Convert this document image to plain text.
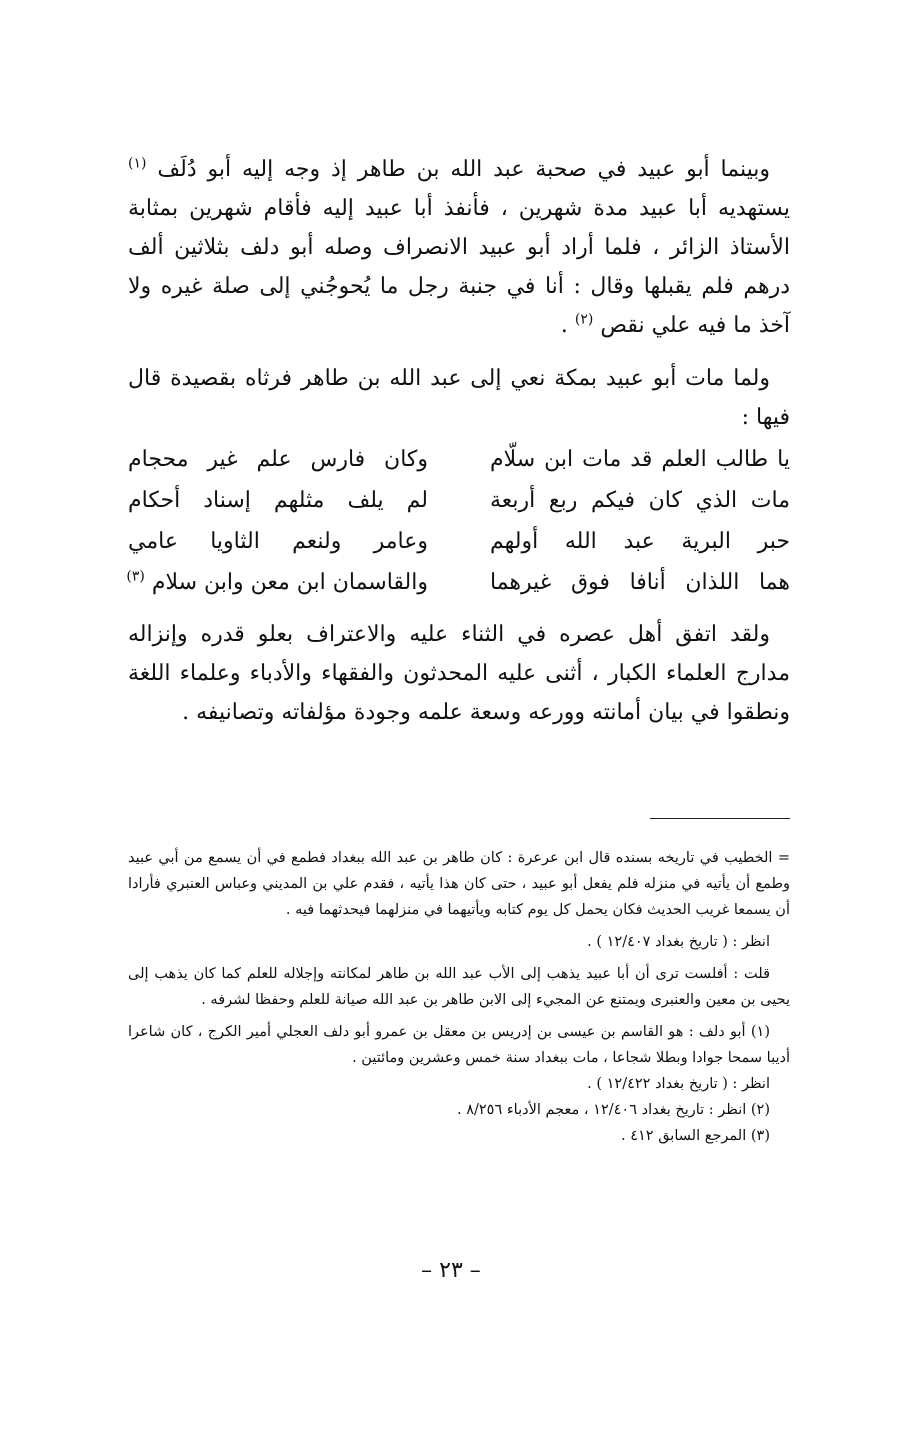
وبينما أبو عبيد في صحبة عبد الله بن طاهر إذ وجه إليه أبو دُلَف $^{(١)}$ يستهديه أبا عبيد مدة شهرين ، فأنفذ أبا عبيد إليه فأقام شهرين بمثابة الأستاذ الزائر ، فلما أراد أبو عبيد الانصراف وصله أبو دلف بثلاثين ألف درهم فلم يقبلها وقال : أنا في جنبة رجل ما يُحوجُني إلى صلة غيره ولا آخذ ما فيه علي نقص $^{(٢)}$ .

ولما مات أبو عبيد بمكة نعي إلى عبد الله بن طاهر فرثاه بقصيدة قال فيها :

يا طالب العلم قد مات ابن سلّام
وكان فارس علم غير محجام
مات الذي كان فيكم ربع أربعة
لم يلف مثلهم إسناد أحكام
حبر البرية عبد الله أولهم
وعامر ولنعم الثاويا عامي
هما اللذان أنافا فوق غيرهما
والقاسمان ابن معن وابن سلام $^{(٣)}$

ولقد اتفق أهل عصره في الثناء عليه والاعتراف بعلو قدره وإنزاله مدارج العلماء الكبار ، أثنى عليه المحدثون والفقهاء والأدباء وعلماء اللغة ونطقوا في بيان أمانته وورعه وسعة علمه وجودة مؤلفاته وتصانيفه .

= الخطيب في تاريخه بسنده قال ابن عرعرة : كان طاهر بن عبد الله ببغداد فطمع في أن يسمع من أبي عبيد وطمع أن يأتيه في منزله فلم يفعل أبو عبيد ، حتى كان هذا يأتيه ، فقدم علي بن المديني وعباس العنبري فأرادا أن يسمعا غريب الحديث فكان يحمل كل يوم كتابه ويأتيهما في منزلهما فيحدثهما فيه .

انظر : ( تاريخ بغداد ١٢/٤٠٧ ) .

قلت : أفلست ترى أن أبا عبيد يذهب إلى الأب عبد الله بن طاهر لمكانته وإجلاله للعلم كما كان يذهب إلى يحيى بن معين والعنبرى ويمتنع عن المجيء إلى الابن طاهر بن عبد الله صيانة للعلم وحفظا لشرفه .

(١) أبو دلف : هو القاسم بن عيسى بن إدريس بن معقل بن عمرو أبو دلف العجلي أمير الكرج ، كان شاعرا أديبا سمحا جوادا وبطلا شجاعا ، مات ببغداد سنة خمس وعشرين ومائتين .

انظر : ( تاريخ بغداد ١٢/٤٢٢ ) .

(٢) انظر : تاريخ بغداد ١٢/٤٠٦ ، معجم الأدباء ٨/٢٥٦ .

(٣) المرجع السابق ٤١٢ .

– ٢٣ –
